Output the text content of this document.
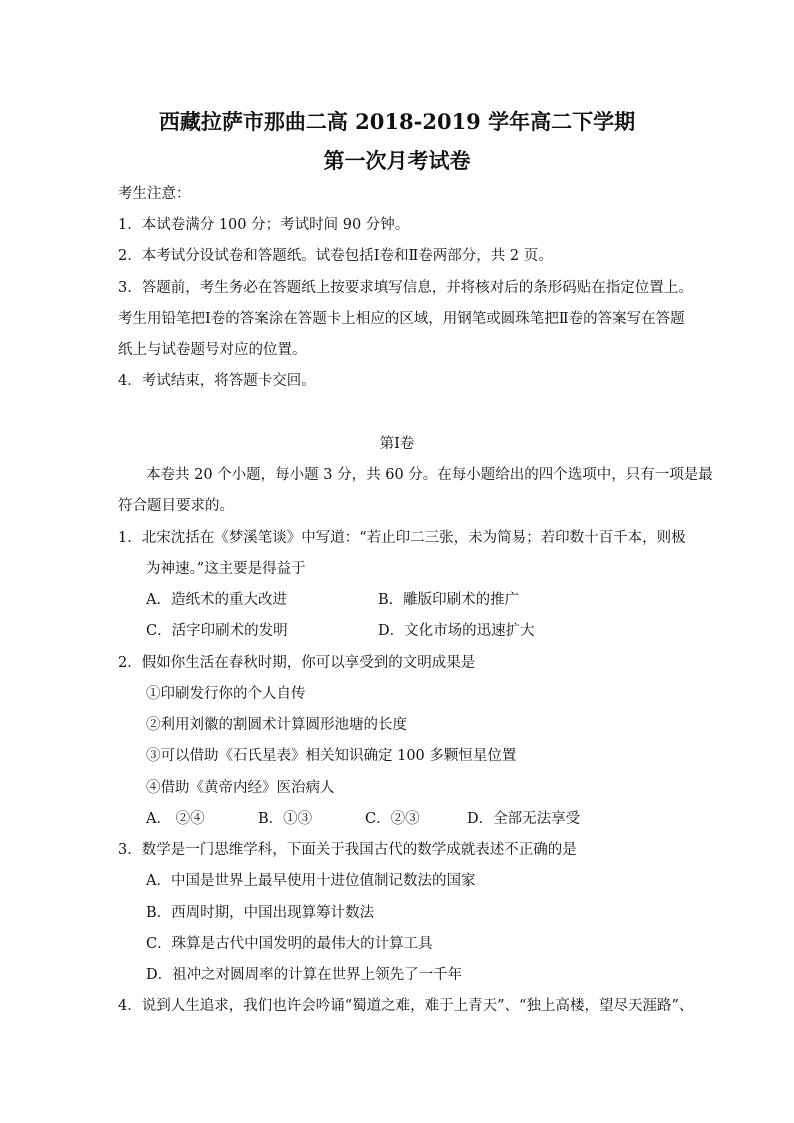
西藏拉萨市那曲二高 2018-2019 学年高二下学期
第一次月考试卷
考生注意：
1．本试卷满分 100 分；考试时间 90 分钟。
2．本考试分设试卷和答题纸。试卷包括Ⅰ卷和Ⅱ卷两部分，共 2 页。
3．答题前，考生务必在答题纸上按要求填写信息，并将核对后的条形码贴在指定位置上。
考生用铅笔把Ⅰ卷的答案涂在答题卡上相应的区域，用钢笔或圆珠笔把Ⅱ卷的答案写在答题
纸上与试卷题号对应的位置。
4．考试结束，将答题卡交回。
第Ⅰ卷
本卷共 20 个小题，每小题 3 分，共 60 分。在每小题给出的四个选项中，只有一项是最
符合题目要求的。
1．北宋沈括在《梦溪笔谈》中写道：“若止印二三张，未为简易；若印数十百千本，则极
为神速。”这主要是得益于
A．造纸术的重大改进	B．雕版印刷术的推广
C．活字印刷术的发明	D．文化市场的迅速扩大
2．假如你生活在春秋时期，你可以享受到的文明成果是
①印刷发行你的个人自传
②利用刘徽的割圆术计算圆形池塘的长度
③可以借助《石氏星表》相关知识确定 100 多颗恒星位置
④借助《黄帝内经》医治病人
A． ②④	B．①③	C．②③	D．全部无法享受
3．数学是一门思维学科，下面关于我国古代的数学成就表述不正确的是
A．中国是世界上最早使用十进位值制记数法的国家
B．西周时期，中国出现算筹计数法
C．珠算是古代中国发明的最伟大的计算工具
D．祖冲之对圆周率的计算在世界上领先了一千年
4．说到人生追求，我们也许会吟诵“蜀道之难，难于上青天”、“独上高楼，望尽天涯路”、
